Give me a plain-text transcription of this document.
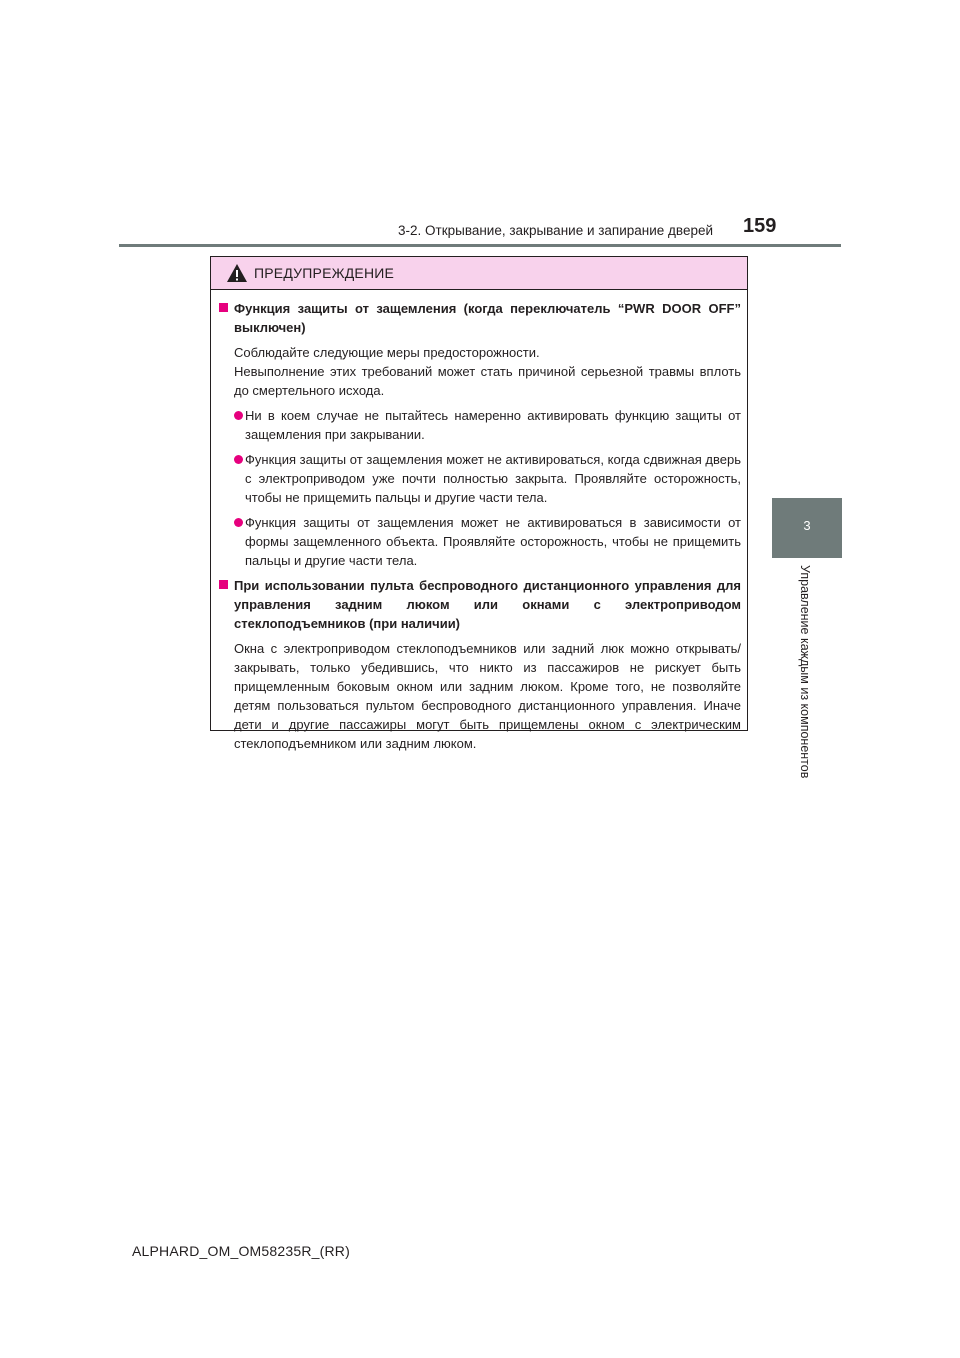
3-2. Открывание, закрывание и запирание дверей 159
3
Управление каждым из компонентов
ПРЕДУПРЕЖДЕНИЕ
Функция защиты от защемления (когда переключатель “PWR DOOR OFF” выключен)
Соблюдайте следующие меры предосторожности.
Невыполнение этих требований может стать причиной серьезной травмы вплоть до смертельного исхода.
Ни в коем случае не пытайтесь намеренно активировать функцию защиты от защемления при закрывании.
Функция защиты от защемления может не активироваться, когда сдвижная дверь с электроприводом уже почти полностью закрыта. Проявляйте осторожность, чтобы не прищемить пальцы и другие части тела.
Функция защиты от защемления может не активироваться в зависимости от формы защемленного объекта. Проявляйте осторожность, чтобы не прищемить пальцы и другие части тела.
При использовании пульта беспроводного дистанционного управления для управления задним люком или окнами с электроприводом стеклоподъемников (при наличии)
Окна с электроприводом стеклоподъемников или задний люк можно открывать/ закрывать, только убедившись, что никто из пассажиров не рискует быть прищемленным боковым окном или задним люком. Кроме того, не позволяйте детям пользоваться пультом беспроводного дистанционного управления. Иначе дети и другие пассажиры могут быть прищемлены окном с электрическим стеклоподъемником или задним люком.
ALPHARD_OM_OM58235R_(RR)
